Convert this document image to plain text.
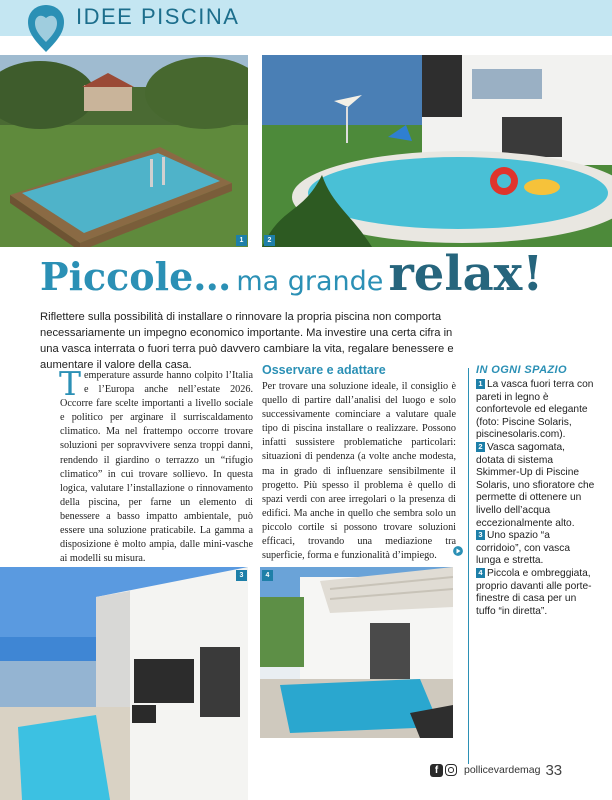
IDEE PISCINA
1	2
Piccole… ma grande relax!
Riflettere sulla possibilità di installare o rinnovare la propria piscina non comporta necessariamente un impegno economico importante. Ma investire una certa cifra in una vasca interrata o fuori terra può davvero cambiare la vita, regalare benessere e aumentare il valore della casa.
Temperature assurde hanno colpito l’Italia e l’Europa anche nell’estate 2026. Occorre fare scelte importanti a livello sociale e politico per arginare il surriscaldamento climatico. Ma nel frattempo occorre trovare soluzioni per sopravvivere senza troppi danni, rendendo il giardino o terrazzo un “rifugio climatico” in cui trovare sollievo. In questa logica, valutare l’installazione o rinnovamento della piscina, per farne un elemento di benessere a basso impatto ambientale, può essere una soluzione praticabile. La gamma a disposizione è molto ampia, dalle mini-vasche ai modelli su misura.
Osservare e adattare
Per trovare una soluzione ideale, il consiglio è quello di partire dall’analisi del luogo e solo successivamente cominciare a valutare quale tipo di piscina installare o realizzare. Possono infatti sussistere problematiche particolari: situazioni di pendenza (a volte anche modesta, ma in grado di influenzare sensibilmente il progetto. Più spesso il problema è quello di spazi verdi con aree irregolari o la presenza di edifici. Ma anche in quello che sembra solo un piccolo cortile si possono trovare soluzioni efficaci, trovando una mediazione tra superficie, forma e funzionalità d’impiego.
IN OGNI SPAZIO

1 La vasca fuori terra con pareti in legno è confortevole ed elegante (foto: Piscine Solaris, piscinesolaris.com).

2 Vasca sagomata, dotata di sistema Skimmer-Up di Piscine Solaris, uno sfioratore che permette di ottenere un livello dell’acqua eccezionalmente alto.

3 Uno spazio “a corridoio”, con vasca lunga e stretta.

4 Piccola e ombreggiata, proprio davanti alle porte-finestre di casa per un tuffo “in diretta”.

3	4
f	pollicevardemag 33
